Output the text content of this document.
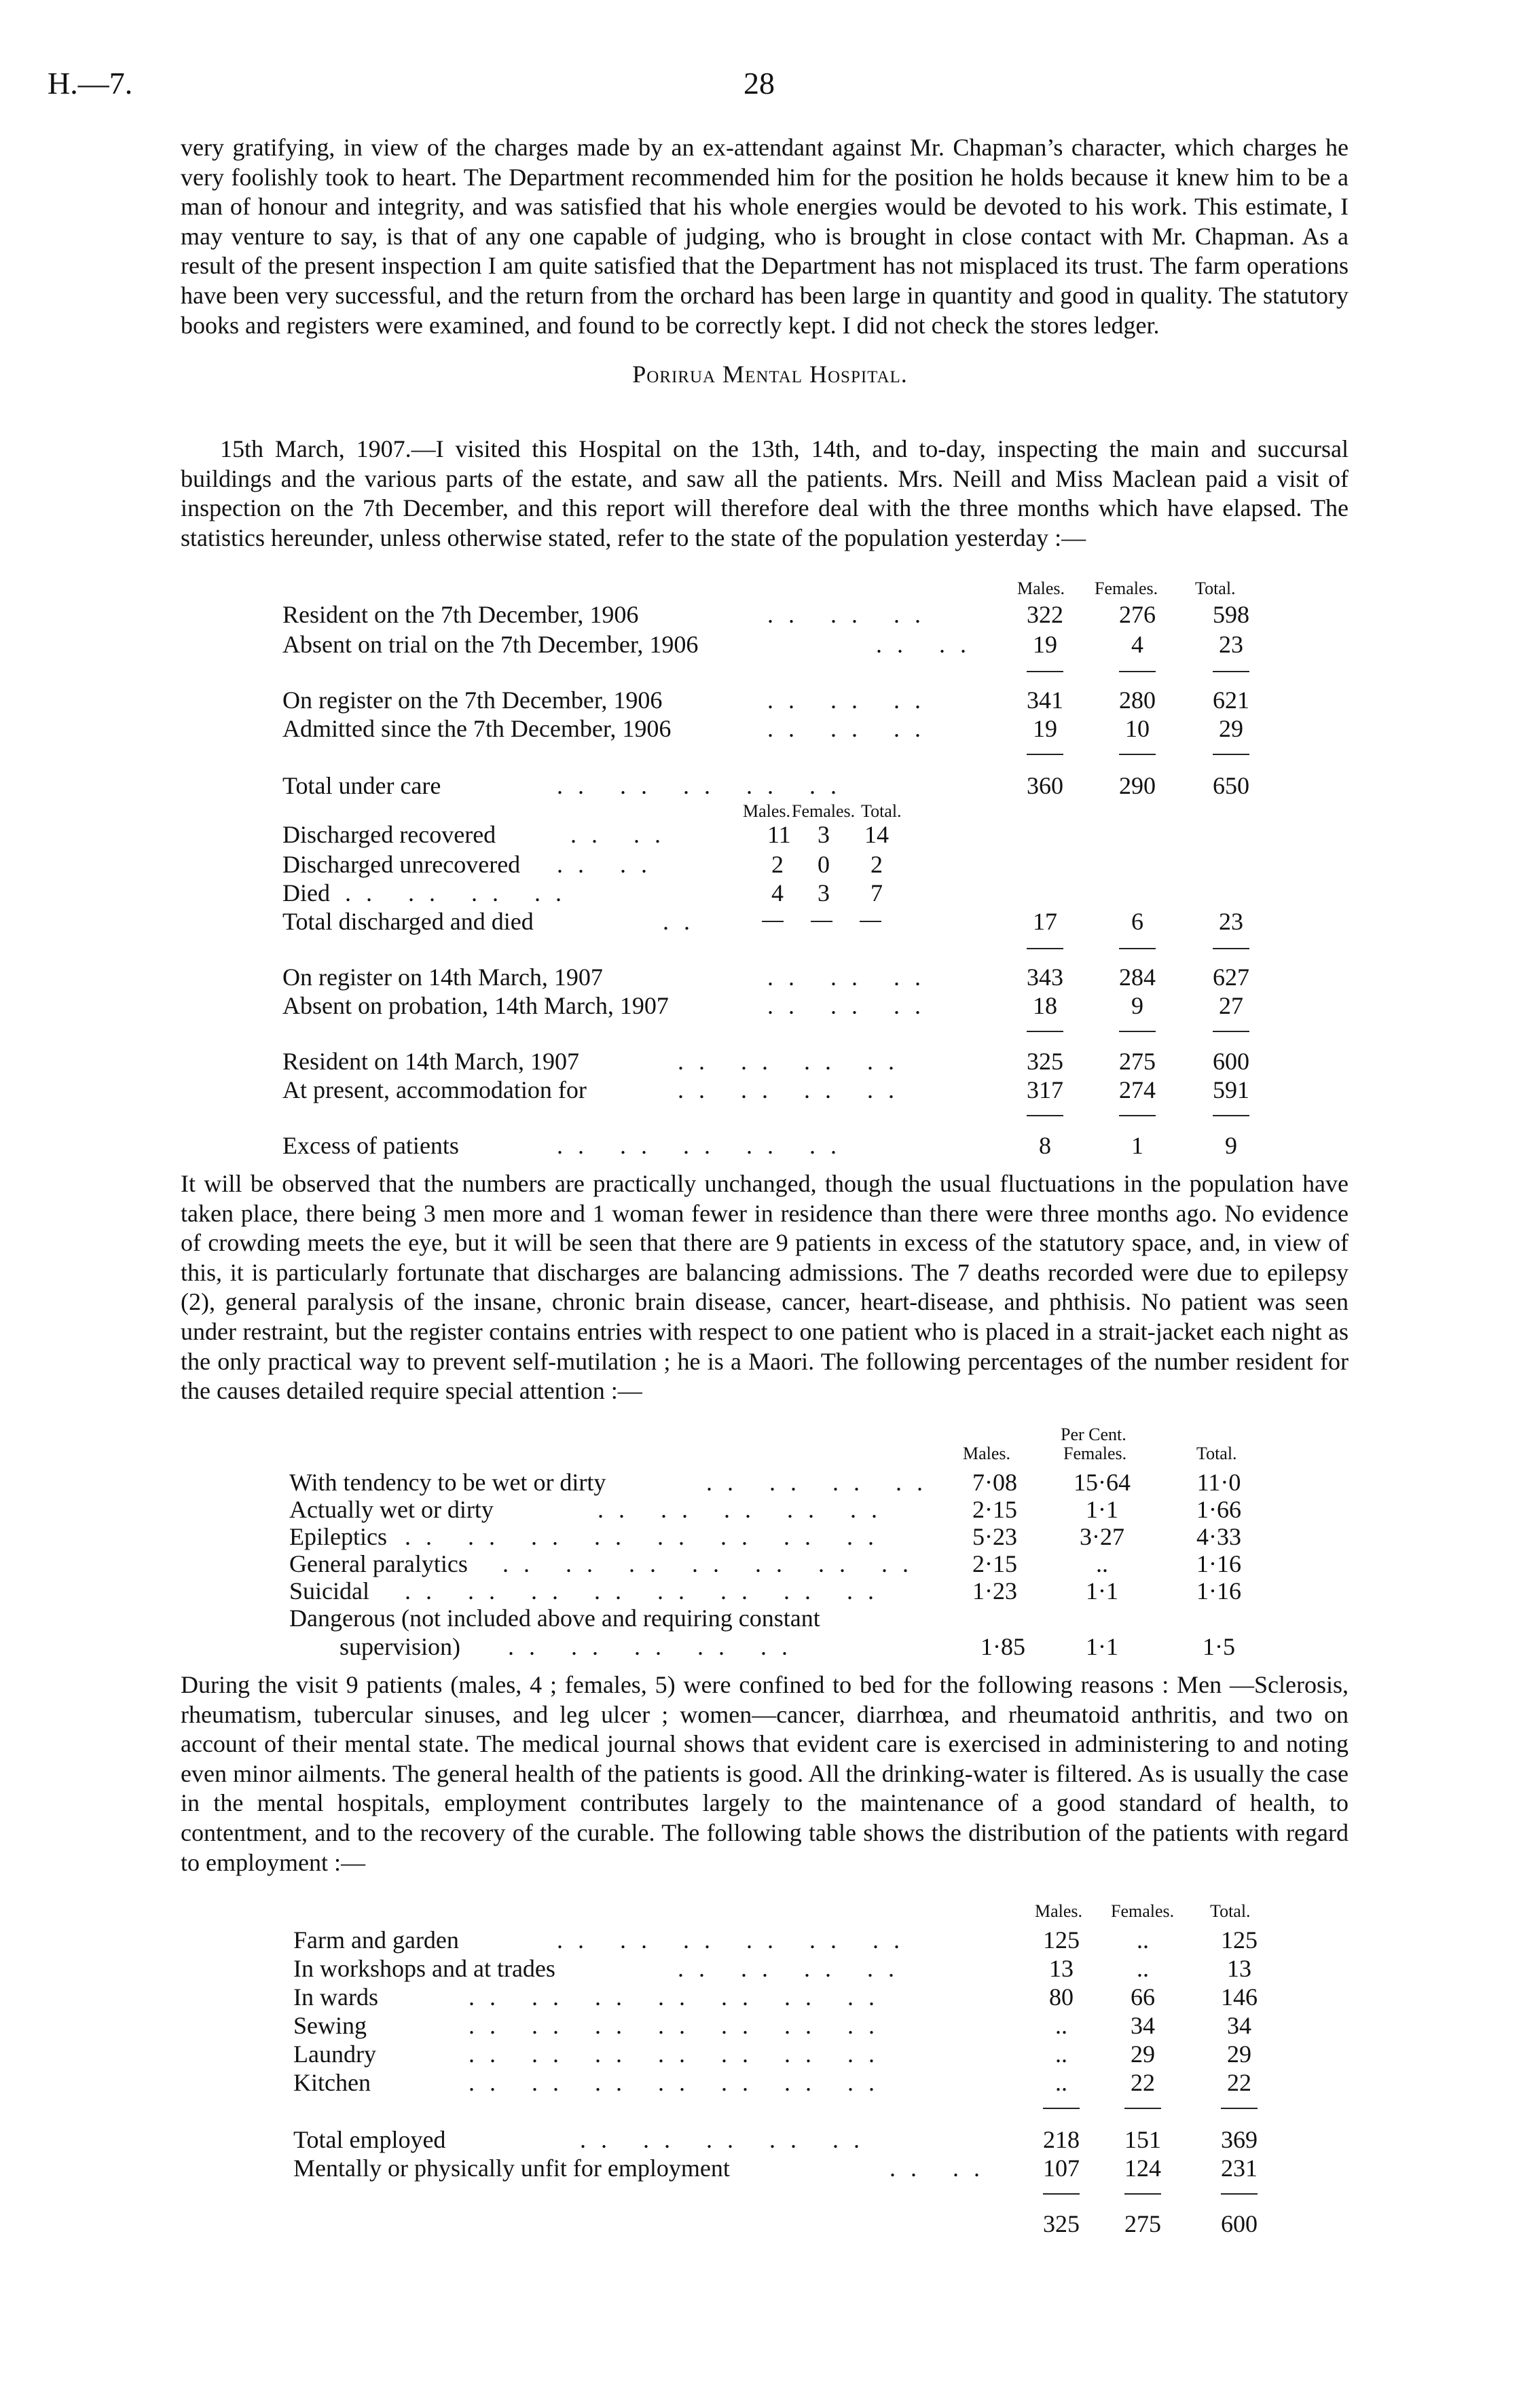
H.—7.	28
very gratifying, in view of the charges made by an ex-attendant against Mr. Chapman’s character, which charges he very foolishly took to heart. The Department recommended him for the position he holds because it knew him to be a man of honour and integrity, and was satisfied that his whole energies would be devoted to his work. This estimate, I may venture to say, is that of any one capable of judging, who is brought in close contact with Mr. Chapman. As a result of the present inspection I am quite satisfied that the Department has not misplaced its trust. The farm operations have been very successful, and the return from the orchard has been large in quantity and good in quality. The statutory books and registers were examined, and found to be correctly kept. I did not check the stores ledger.
Porirua Mental Hospital.
15th March, 1907.—I visited this Hospital on the 13th, 14th, and to-day, inspecting the main and succursal buildings and the various parts of the estate, and saw all the patients. Mrs. Neill and Miss Maclean paid a visit of inspection on the 7th December, and this report will therefore deal with the three months which have elapsed. The statistics hereunder, unless otherwise stated, refer to the state of the population yesterday :—
Males. Females. Total.
Resident on the 7th December, 1906	.. .. ..	322	276	598
Absent on trial on the 7th December, 1906	.. ..	19	4	23
On register on the 7th December, 1906	.. .. ..	341	280	621
Admitted since the 7th December, 1906	.. .. ..	19	10	29
Total under care	.. .. .. .. ..	360	290	650
Males. Females. Total.
Discharged recovered	.. ..	11 3 14
Discharged unrecovered .. ..	2 0	2
Died .. .. .. ..	4 3	7
Total discharged and died	..	17	6	23
On register on 14th March, 1907	.. .. ..	343	284	627
Absent on probation, 14th March, 1907	.. .. ..	18	9	27
Resident on 14th March, 1907	.. .. .. ..	325	275	600
At present, accommodation for	.. .. .. ..	317	274	591
Excess of patients	.. .. .. .. ..	8	1	9
It will be observed that the numbers are practically unchanged, though the usual fluctuations in the population have taken place, there being 3 men more and 1 woman fewer in residence than there were three months ago. No evidence of crowding meets the eye, but it will be seen that there are 9 patients in excess of the statutory space, and, in view of this, it is particularly fortunate that discharges are balancing admissions. The 7 deaths recorded were due to epilepsy (2), general paralysis of the insane, chronic brain disease, cancer, heart-disease, and phthisis. No patient was seen under restraint, but the register contains entries with respect to one patient who is placed in a strait-jacket each night as the only practical way to prevent self-mutilation ; he is a Maori. The following percentages of the number resident for the causes detailed require special attention :—
Per Cent.
Males.	Females.	Total.
With tendency to be wet or dirty	.. .. .. ..	7·08	15·64	11·0
Actually wet or dirty	.. .. .. .. ..	2·15	1·1	1·66
Epileptics .. .. .. .. .. .. .. ..	5·23	3·27	4·33
General paralytics .. .. .. .. .. .. ..	2·15	..	1·16
Suicidal .. .. .. .. .. .. .. ..	1·23	1·1	1·16
Dangerous (not included above and requiring constant
supervision) .. .. .. .. ..	1·85	1·1	1·5
During the visit 9 patients (males, 4 ; females, 5) were confined to bed for the following reasons : Men —Sclerosis, rheumatism, tubercular sinuses, and leg ulcer ; women—cancer, diarrhœa, and rheumatoid anthritis, and two on account of their mental state. The medical journal shows that evident care is exercised in administering to and noting even minor ailments. The general health of the patients is good. All the drinking-water is filtered. As is usually the case in the mental hospitals, employment contributes largely to the maintenance of a good standard of health, to contentment, and to the recovery of the curable. The following table shows the distribution of the patients with regard to employment :—
Males. Females. Total.
Farm and garden	.. .. .. .. .. ..	125	..	125
In workshops and at trades	.. .. .. ..	13	..	13
In wards	.. .. .. .. .. .. ..	80	66	146
Sewing	.. .. .. .. .. .. ..	..	34	34
Laundry	.. .. .. .. .. .. ..	..	29	29
Kitchen	.. .. .. .. .. .. ..	..	22	22
Total employed	.. .. .. .. ..	218	151	369
Mentally or physically unfit for employment	.. ..	107	124	231
325	275	600
